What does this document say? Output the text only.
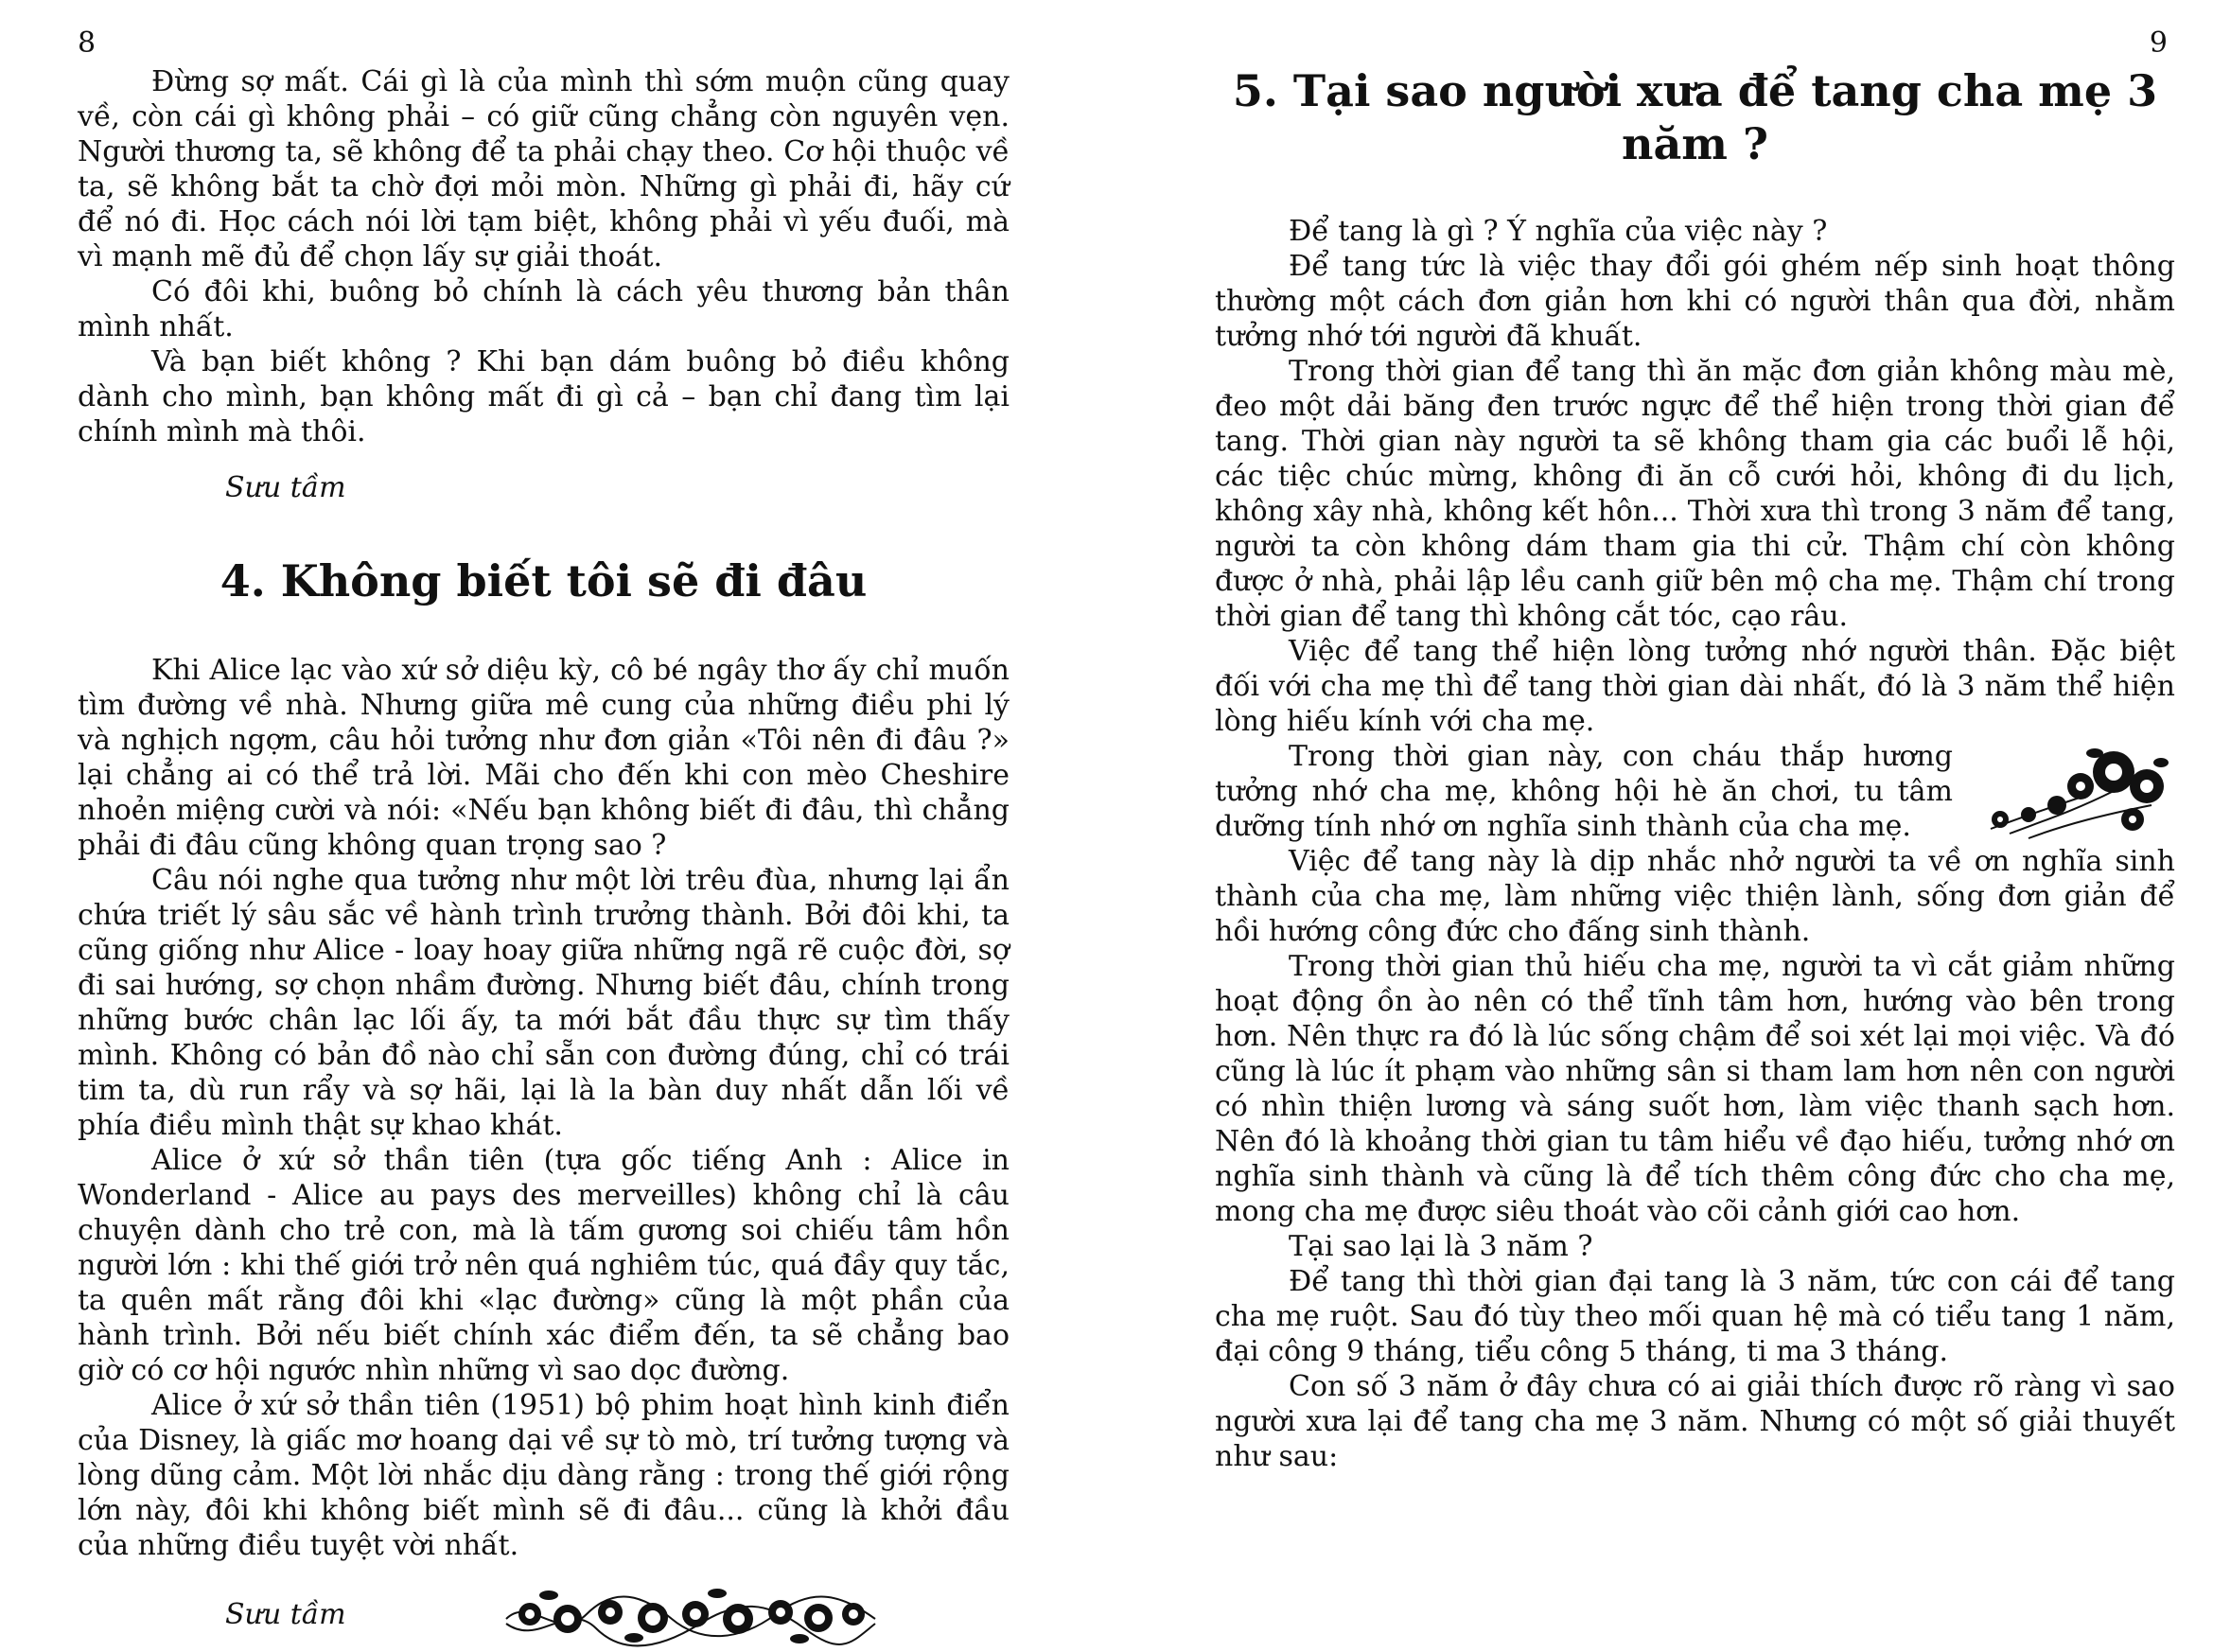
8

Đừng sợ mất. Cái gì là của mình thì sớm muộn cũng quay về, còn cái gì không phải – có giữ cũng chẳng còn nguyên vẹn. Người thương ta, sẽ không để ta phải chạy theo. Cơ hội thuộc về ta, sẽ không bắt ta chờ đợi mỏi mòn. Những gì phải đi, hãy cứ để nó đi. Học cách nói lời tạm biệt, không phải vì yếu đuối, mà vì mạnh mẽ đủ để chọn lấy sự giải thoát.

Có đôi khi, buông bỏ chính là cách yêu thương bản thân mình nhất.

Và bạn biết không ? Khi bạn dám buông bỏ điều không dành cho mình, bạn không mất đi gì cả – bạn chỉ đang tìm lại chính mình mà thôi.

Sưu tầm

4. Không biết tôi sẽ đi đâu

Khi Alice lạc vào xứ sở diệu kỳ, cô bé ngây thơ ấy chỉ muốn tìm đường về nhà. Nhưng giữa mê cung của những điều phi lý và nghịch ngợm, câu hỏi tưởng như đơn giản «Tôi nên đi đâu ?» lại chẳng ai có thể trả lời. Mãi cho đến khi con mèo Cheshire nhoẻn miệng cười và nói: «Nếu bạn không biết đi đâu, thì chẳng phải đi đâu cũng không quan trọng sao ?

Câu nói nghe qua tưởng như một lời trêu đùa, nhưng lại ẩn chứa triết lý sâu sắc về hành trình trưởng thành. Bởi đôi khi, ta cũng giống như Alice - loay hoay giữa những ngã rẽ cuộc đời, sợ đi sai hướng, sợ chọn nhầm đường. Nhưng biết đâu, chính trong những bước chân lạc lối ấy, ta mới bắt đầu thực sự tìm thấy mình. Không có bản đồ nào chỉ sẵn con đường đúng, chỉ có trái tim ta, dù run rẩy và sợ hãi, lại là la bàn duy nhất dẫn lối về phía điều mình thật sự khao khát.

Alice ở xứ sở thần tiên (tựa gốc tiếng Anh : Alice in Wonderland - Alice au pays des merveilles) không chỉ là câu chuyện dành cho trẻ con, mà là tấm gương soi chiếu tâm hồn người lớn : khi thế giới trở nên quá nghiêm túc, quá đầy quy tắc, ta quên mất rằng đôi khi «lạc đường» cũng là một phần của hành trình. Bởi nếu biết chính xác điểm đến, ta sẽ chẳng bao giờ có cơ hội ngước nhìn những vì sao dọc đường.

Alice ở xứ sở thần tiên (1951) bộ phim hoạt hình kinh điển của Disney, là giấc mơ hoang dại về sự tò mò, trí tưởng tượng và lòng dũng cảm. Một lời nhắc dịu dàng rằng : trong thế giới rộng lớn này, đôi khi không biết mình sẽ đi đâu... cũng là khởi đầu của những điều tuyệt vời nhất.

Sưu tầm

9
5. Tại sao người xưa để tang cha mẹ 3 năm ?

Để tang là gì ? Ý nghĩa của việc này ?

Để tang tức là việc thay đổi gói ghém nếp sinh hoạt thông thường một cách đơn giản hơn khi có người thân qua đời, nhằm tưởng nhớ tới người đã khuất.

Trong thời gian để tang thì ăn mặc đơn giản không màu mè, đeo một dải băng đen trước ngực để thể hiện trong thời gian để tang. Thời gian này người ta sẽ không tham gia các buổi lễ hội, các tiệc chúc mừng, không đi ăn cỗ cưới hỏi, không đi du lịch, không xây nhà, không kết hôn... Thời xưa thì trong 3 năm để tang, người ta còn không dám tham gia thi cử. Thậm chí còn không được ở nhà, phải lập lều canh giữ bên mộ cha mẹ. Thậm chí trong thời gian để tang thì không cắt tóc, cạo râu.

Việc để tang thể hiện lòng tưởng nhớ người thân. Đặc biệt đối với cha mẹ thì để tang thời gian dài nhất, đó là 3 năm thể hiện lòng hiếu kính với cha mẹ.

Trong thời gian này, con cháu thắp hương tưởng nhớ cha mẹ, không hội hè ăn chơi, tu tâm dưỡng tính nhớ ơn nghĩa sinh thành của cha mẹ.

Việc để tang này là dịp nhắc nhở người ta về ơn nghĩa sinh thành của cha mẹ, làm những việc thiện lành, sống đơn giản để hồi hướng công đức cho đấng sinh thành.

Trong thời gian thủ hiếu cha mẹ, người ta vì cắt giảm những hoạt động ồn ào nên có thể tĩnh tâm hơn, hướng vào bên trong hơn. Nên thực ra đó là lúc sống chậm để soi xét lại mọi việc. Và đó cũng là lúc ít phạm vào những sân si tham lam hơn nên con người có nhìn thiện lương và sáng suốt hơn, làm việc thanh sạch hơn. Nên đó là khoảng thời gian tu tâm hiểu về đạo hiếu, tưởng nhớ ơn nghĩa sinh thành và cũng là để tích thêm công đức cho cha mẹ, mong cha mẹ được siêu thoát vào cõi cảnh giới cao hơn.

Tại sao lại là 3 năm ?

Để tang thì thời gian đại tang là 3 năm, tức con cái để tang cha mẹ ruột. Sau đó tùy theo mối quan hệ mà có tiểu tang 1 năm, đại công 9 tháng, tiểu công 5 tháng, ti ma 3 tháng.

Con số 3 năm ở đây chưa có ai giải thích được rõ ràng vì sao người xưa lại để tang cha mẹ 3 năm. Nhưng có một số giải thuyết như sau:
